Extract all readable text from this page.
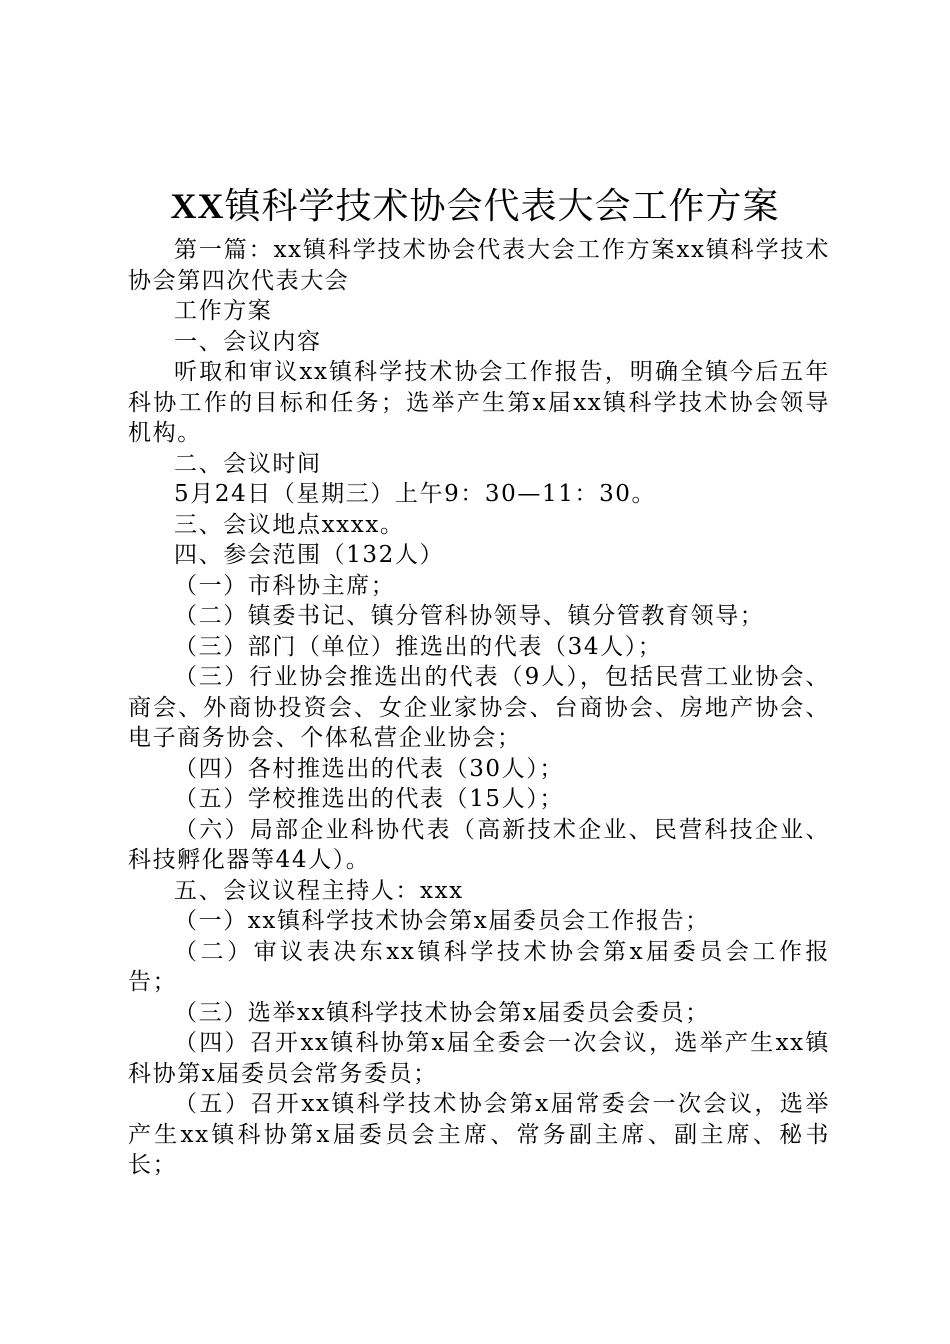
XX镇科学技术协会代表大会工作方案

第一篇：xx镇科学技术协会代表大会工作方案xx镇科学技术协会第四次代表大会

工作方案

一、会议内容

听取和审议xx镇科学技术协会工作报告，明确全镇今后五年科协工作的目标和任务；选举产生第x届xx镇科学技术协会领导机构。

二、会议时间

5月24日（星期三）上午9：30—11：30。

三、会议地点xxxx。

四、参会范围（132人）

（一）市科协主席；

（二）镇委书记、镇分管科协领导、镇分管教育领导；

（三）部门（单位）推选出的代表（34人）；

（三）行业协会推选出的代表（9人），包括民营工业协会、商会、外商协投资会、女企业家协会、台商协会、房地产协会、电子商务协会、个体私营企业协会；

（四）各村推选出的代表（30人）；

（五）学校推选出的代表（15人）；

（六）局部企业科协代表（高新技术企业、民营科技企业、科技孵化器等44人）。

五、会议议程主持人：xxx

（一）xx镇科学技术协会第x届委员会工作报告；

（二）审议表决东xx镇科学技术协会第x届委员会工作报告；

（三）选举xx镇科学技术协会第x届委员会委员；

（四）召开xx镇科协第x届全委会一次会议，选举产生xx镇科协第x届委员会常务委员；

（五）召开xx镇科学技术协会第x届常委会一次会议，选举产生xx镇科协第x届委员会主席、常务副主席、副主席、秘书长；
